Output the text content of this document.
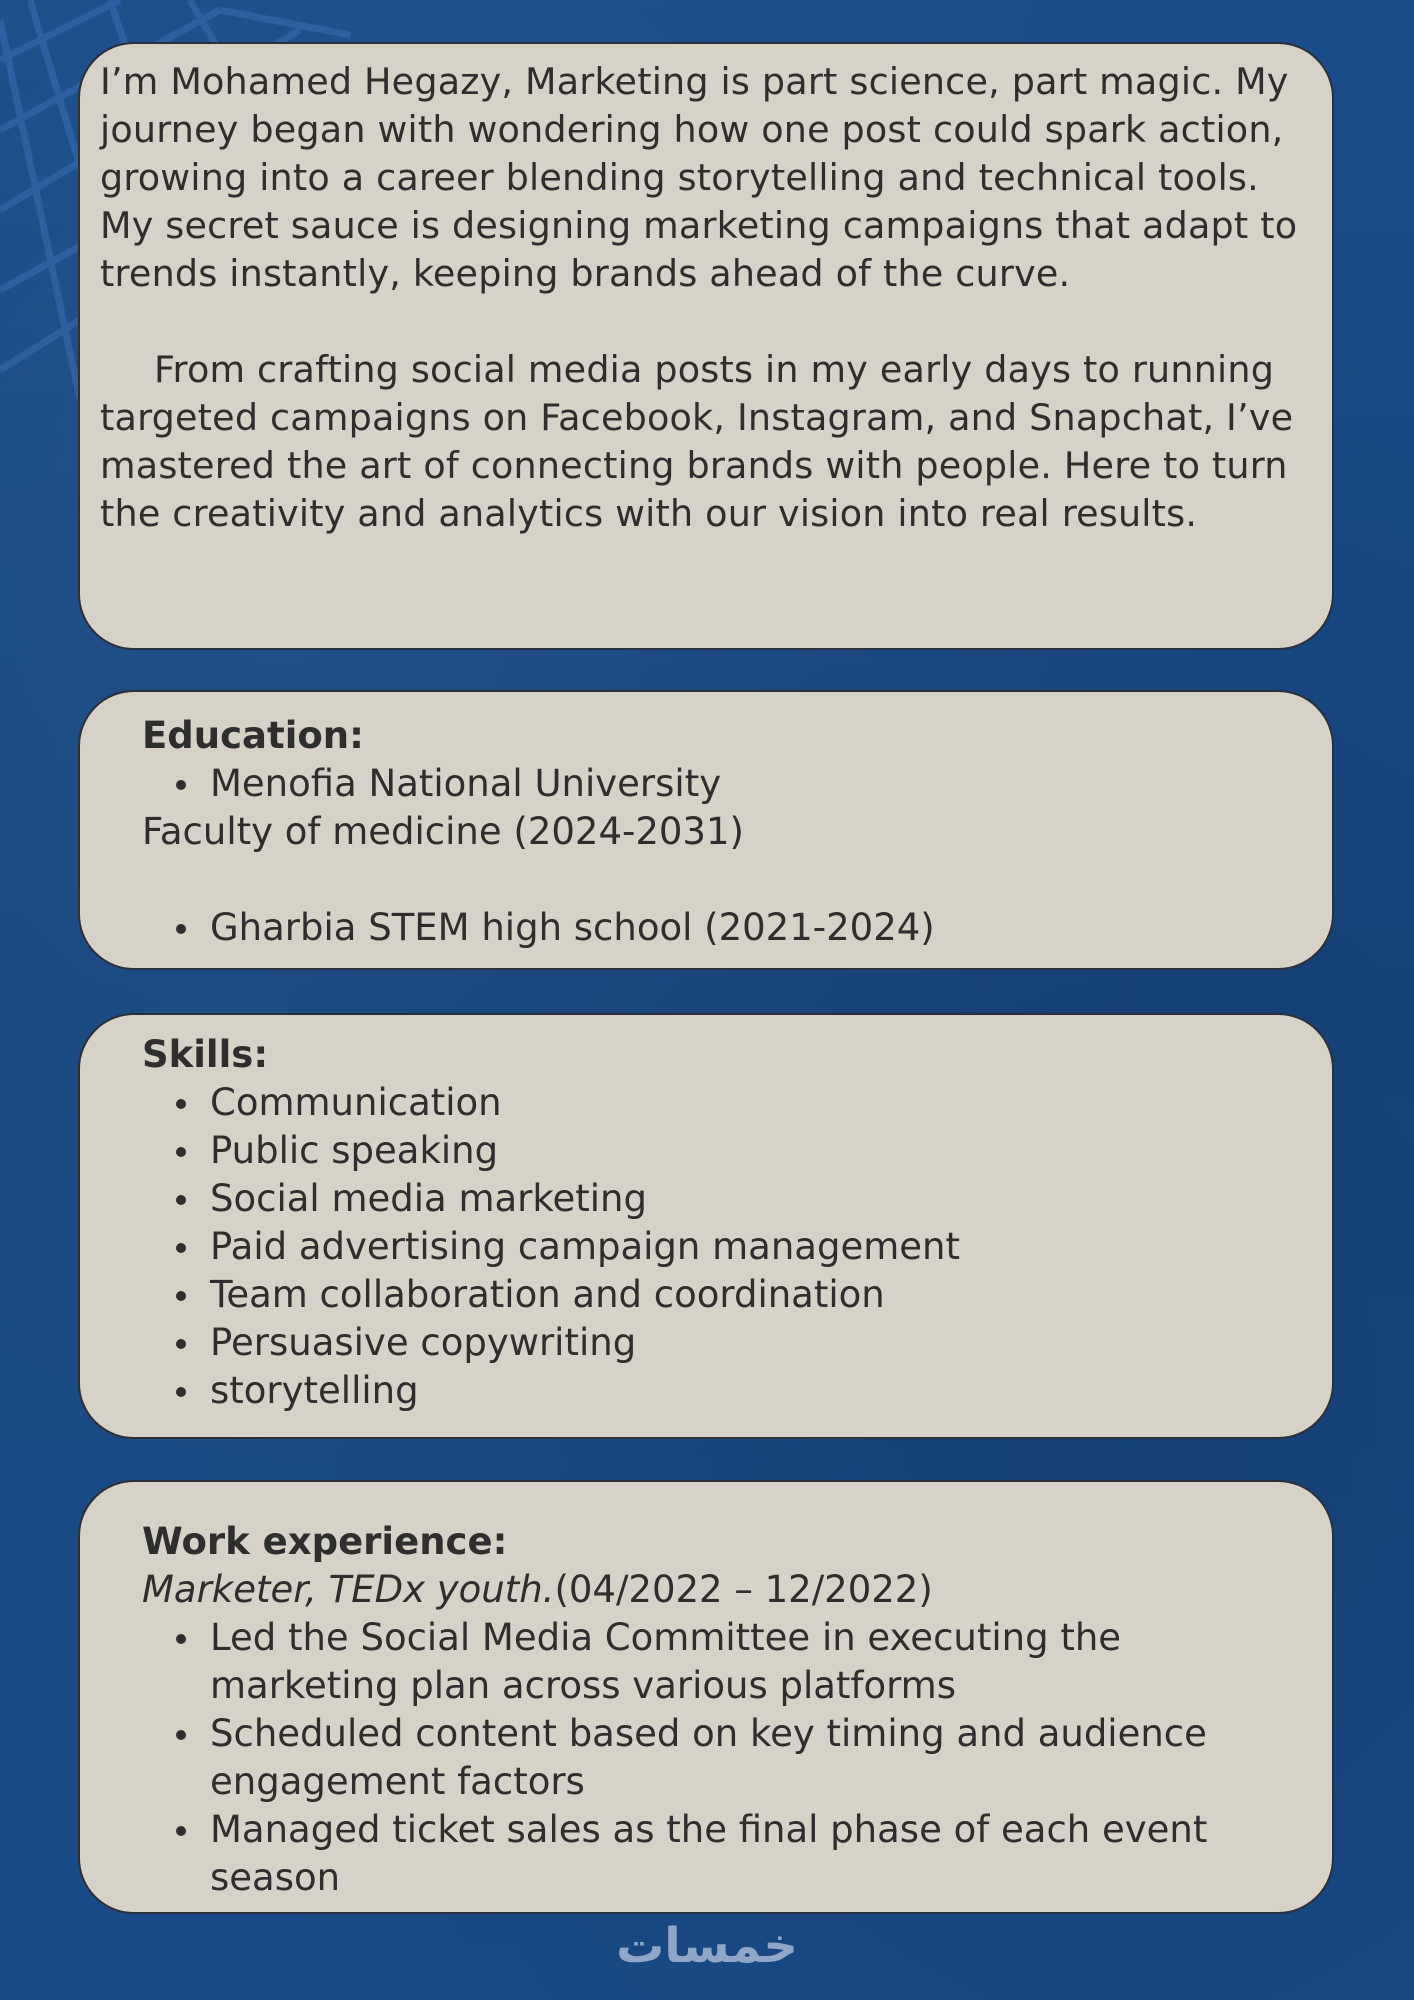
I’m Mohamed Hegazy, Marketing is part science, part magic. My journey began with wondering how one post could spark action, growing into a career blending storytelling and technical tools. My secret sauce is designing marketing campaigns that adapt to trends instantly, keeping brands ahead of the curve.

From crafting social media posts in my early days to running targeted campaigns on Facebook, Instagram, and Snapchat, I’ve mastered the art of connecting brands with people. Here to turn the creativity and analytics with our vision into real results.

Education:
Menofia National University
Faculty of medicine (2024-2031)
Gharbia STEM high school (2021-2024)
Skills:
Communication
Public speaking
Social media marketing
Paid advertising campaign management
Team collaboration and coordination
Persuasive copywriting
storytelling
Work experience:
Marketer, TEDx youth.(04/2022 – 12/2022)
Led the Social Media Committee in executing the marketing plan across various platforms
Scheduled content based on key timing and audience engagement factors
Managed ticket sales as the final phase of each event season
خمسات
